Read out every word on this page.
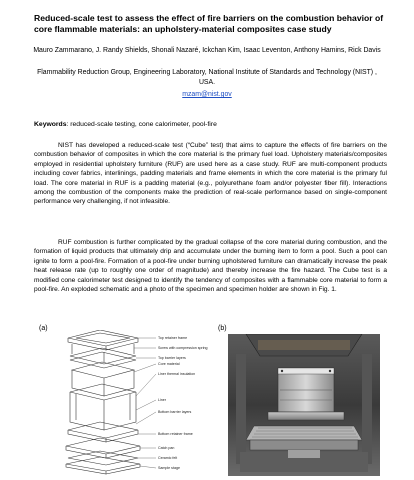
Reduced-scale test to assess the effect of fire barriers on the combustion behavior of core flammable materials: an upholstery-material composites case study
Mauro Zammarano, J. Randy Shields, Shonali Nazaré, Ickchan Kim, Isaac Leventon, Anthony Hamins, Rick Davis
Flammability Reduction Group, Engineering Laboratory, National Institute of Standards and Technology (NIST) , USA.
mzam@nist.gov
Keywords: reduced-scale testing, cone calorimeter, pool-fire
NIST has developed a reduced-scale test (“Cube” test) that aims to capture the effects of fire barriers on the combustion behavior of composites in which the core material is the primary fuel load. Upholstery materials/composites employed in residential upholstery furniture (RUF) are used here as a case study. RUF are multi-component products including cover fabrics, interlinings, padding materials and frame elements in which the core material is the primary ful load. The core material in RUF is a padding material (e.g., polyurethane foam and/or polyester fiber fill). Interactions among the combustion of the components make the prediction of real-scale performance based on single-component performance very challenging, if not infeasible.
RUF combustion is further complicated by the gradual collapse of the core material during combustion, and the formation of liquid products that ultimately drip and accumulate under the burning item to form a pool. Such a pool can ignite to form a pool-fire. Formation of a pool-fire under burning upholstered furniture can dramatically increase the peak heat release rate (up to roughly one order of magnitude) and thereby increase the fire hazard. The Cube test is a modified cone calorimeter test designed to identify the tendency of composites with a flammable core material to form a pool-fire. An exploded schematic and a photo of the specimen and specimen holder are shown in Fig. 1.
(a)	(b)
Top retainer frame
Screw with compression spring
Top barrier layers
Core material
Liner thermal insulation
Liner
Bottom barrier layers
Bottom retainer frame
Catch pan
Ceramic felt
Sample stage
